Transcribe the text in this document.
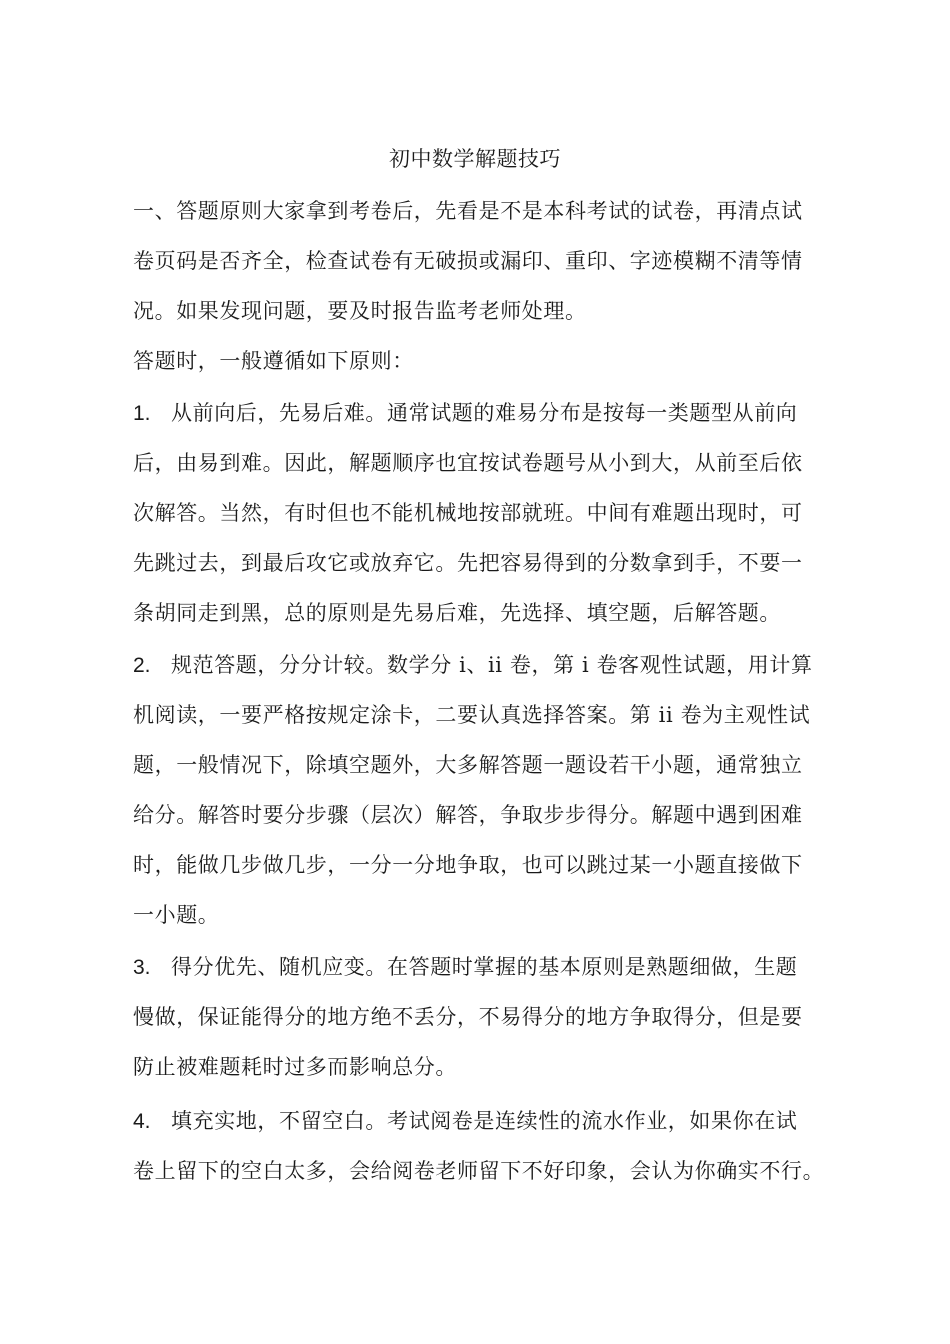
初中数学解题技巧
一、答题原则大家拿到考卷后，先看是不是本科考试的试卷，再清点试
卷页码是否齐全，检查试卷有无破损或漏印、重印、字迹模糊不清等情
况。如果发现问题，要及时报告监考老师处理。
答题时，一般遵循如下原则：
1. 从前向后，先易后难。通常试题的难易分布是按每一类题型从前向
后，由易到难。因此，解题顺序也宜按试卷题号从小到大，从前至后依
次解答。当然，有时但也不能机械地按部就班。中间有难题出现时，可
先跳过去，到最后攻它或放弃它。先把容易得到的分数拿到手，不要一
条胡同走到黑，总的原则是先易后难，先选择、填空题，后解答题。
2. 规范答题，分分计较。数学分 i、ii 卷，第 i 卷客观性试题，用计算
机阅读，一要严格按规定涂卡，二要认真选择答案。第 ii 卷为主观性试
题，一般情况下，除填空题外，大多解答题一题设若干小题，通常独立
给分。解答时要分步骤（层次）解答，争取步步得分。解题中遇到困难
时，能做几步做几步，一分一分地争取，也可以跳过某一小题直接做下
一小题。
3. 得分优先、随机应变。在答题时掌握的基本原则是熟题细做，生题
慢做，保证能得分的地方绝不丢分，不易得分的地方争取得分，但是要
防止被难题耗时过多而影响总分。
4. 填充实地，不留空白。考试阅卷是连续性的流水作业，如果你在试
卷上留下的空白太多，会给阅卷老师留下不好印象，会认为你确实不行。
